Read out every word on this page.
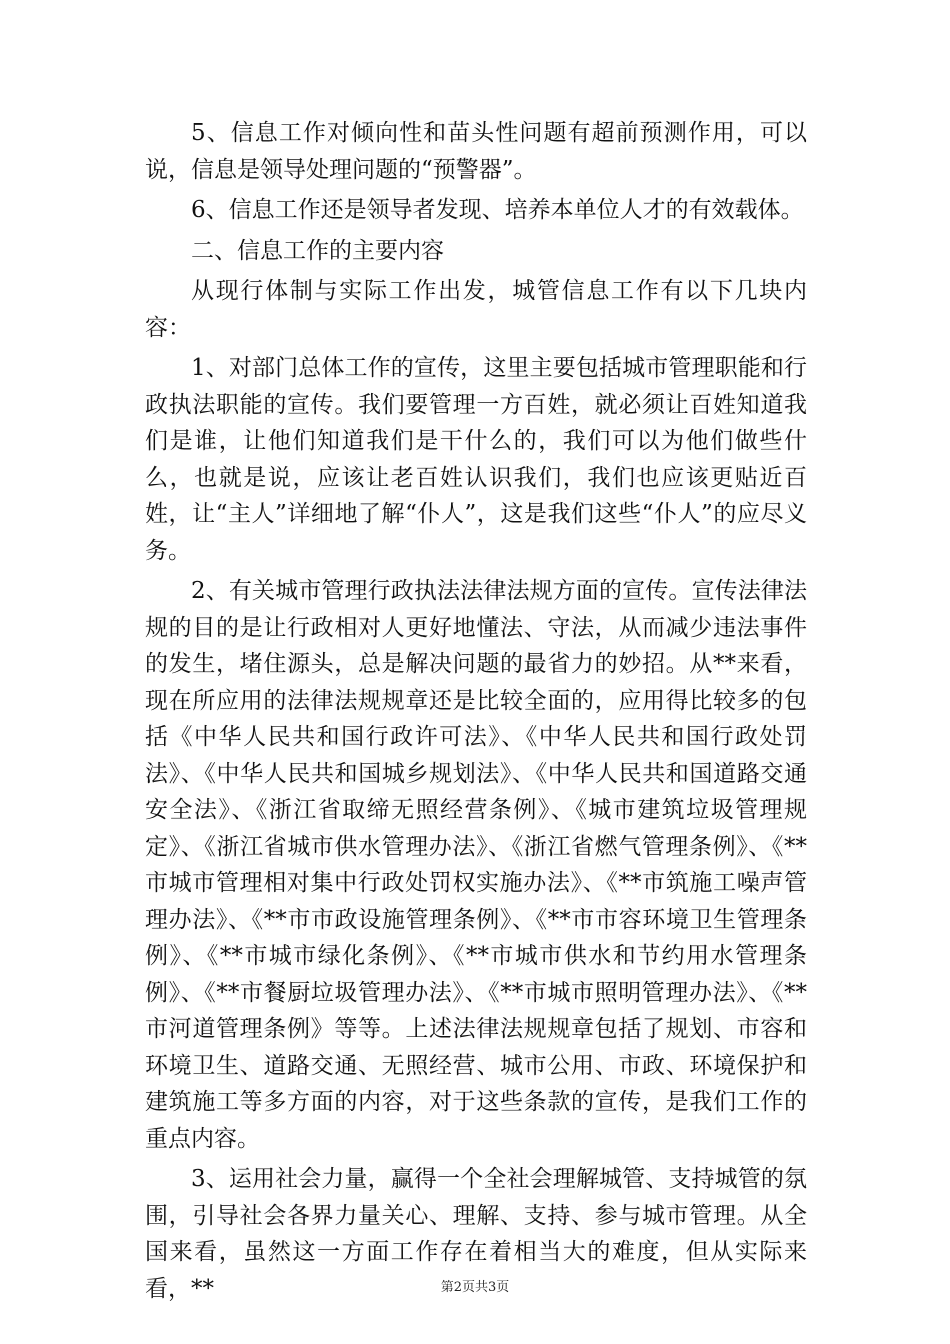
5、信息工作对倾向性和苗头性问题有超前预测作用，可以说，信息是领导处理问题的“预警器”。

6、信息工作还是领导者发现、培养本单位人才的有效载体。

二、信息工作的主要内容

从现行体制与实际工作出发，城管信息工作有以下几块内容：

1、对部门总体工作的宣传，这里主要包括城市管理职能和行政执法职能的宣传。我们要管理一方百姓，就必须让百姓知道我们是谁，让他们知道我们是干什么的，我们可以为他们做些什么，也就是说，应该让老百姓认识我们，我们也应该更贴近百姓，让“主人”详细地了解“仆人”，这是我们这些“仆人”的应尽义务。

2、有关城市管理行政执法法律法规方面的宣传。宣传法律法规的目的是让行政相对人更好地懂法、守法，从而减少违法事件的发生，堵住源头，总是解决问题的最省力的妙招。从**来看，现在所应用的法律法规规章还是比较全面的，应用得比较多的包括《中华人民共和国行政许可法》、《中华人民共和国行政处罚法》、《中华人民共和国城乡规划法》、《中华人民共和国道路交通安全法》、《浙江省取缔无照经营条例》、《城市建筑垃圾管理规定》、《浙江省城市供水管理办法》、《浙江省燃气管理条例》、《**市城市管理相对集中行政处罚权实施办法》、《**市筑施工噪声管理办法》、《**市市政设施管理条例》、《**市市容环境卫生管理条例》、《**市城市绿化条例》、《**市城市供水和节约用水管理条例》、《**市餐厨垃圾管理办法》、《**市城市照明管理办法》、《**市河道管理条例》等等。上述法律法规规章包括了规划、市容和环境卫生、道路交通、无照经营、城市公用、市政、环境保护和建筑施工等多方面的内容，对于这些条款的宣传，是我们工作的重点内容。

3、运用社会力量，赢得一个全社会理解城管、支持城管的氛围，引导社会各界力量关心、理解、支持、参与城市管理。从全国来看，虽然这一方面工作存在着相当大的难度，但从实际来看，**	第2页共3页
